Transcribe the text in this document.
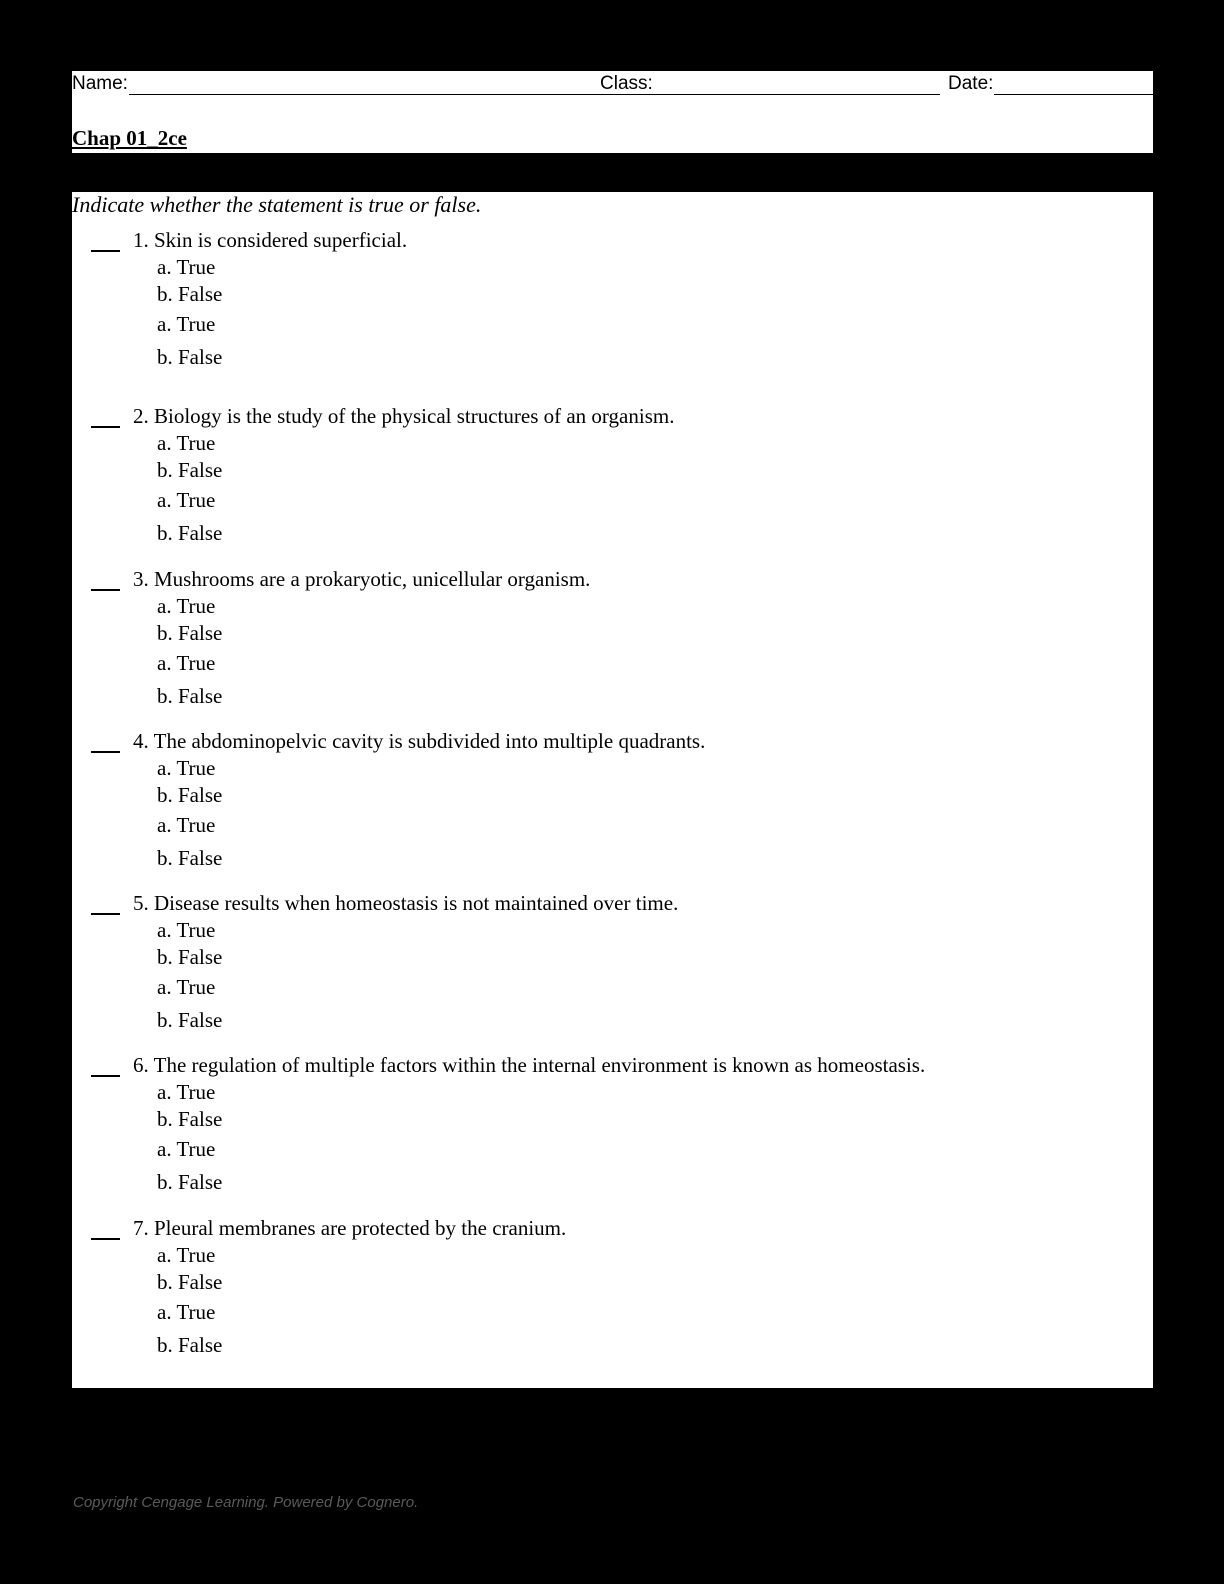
Name:	Class:	Date:
Chap 01_2ce
Indicate whether the statement is true or false.
1. Skin is considered superficial.
a. True
b. False
a. True
b. False
2. Biology is the study of the physical structures of an organism.
a. True
b. False
a. True
b. False
3. Mushrooms are a prokaryotic, unicellular organism.
a. True
b. False
a. True
b. False
4. The abdominopelvic cavity is subdivided into multiple quadrants.
a. True
b. False
a. True
b. False
5. Disease results when homeostasis is not maintained over time.
a. True
b. False
a. True
b. False
6. The regulation of multiple factors within the internal environment is known as homeostasis.
a. True
b. False
a. True
b. False
7. Pleural membranes are protected by the cranium.
a. True
b. False
a. True
b. False
Copyright Cengage Learning. Powered by Cognero.
